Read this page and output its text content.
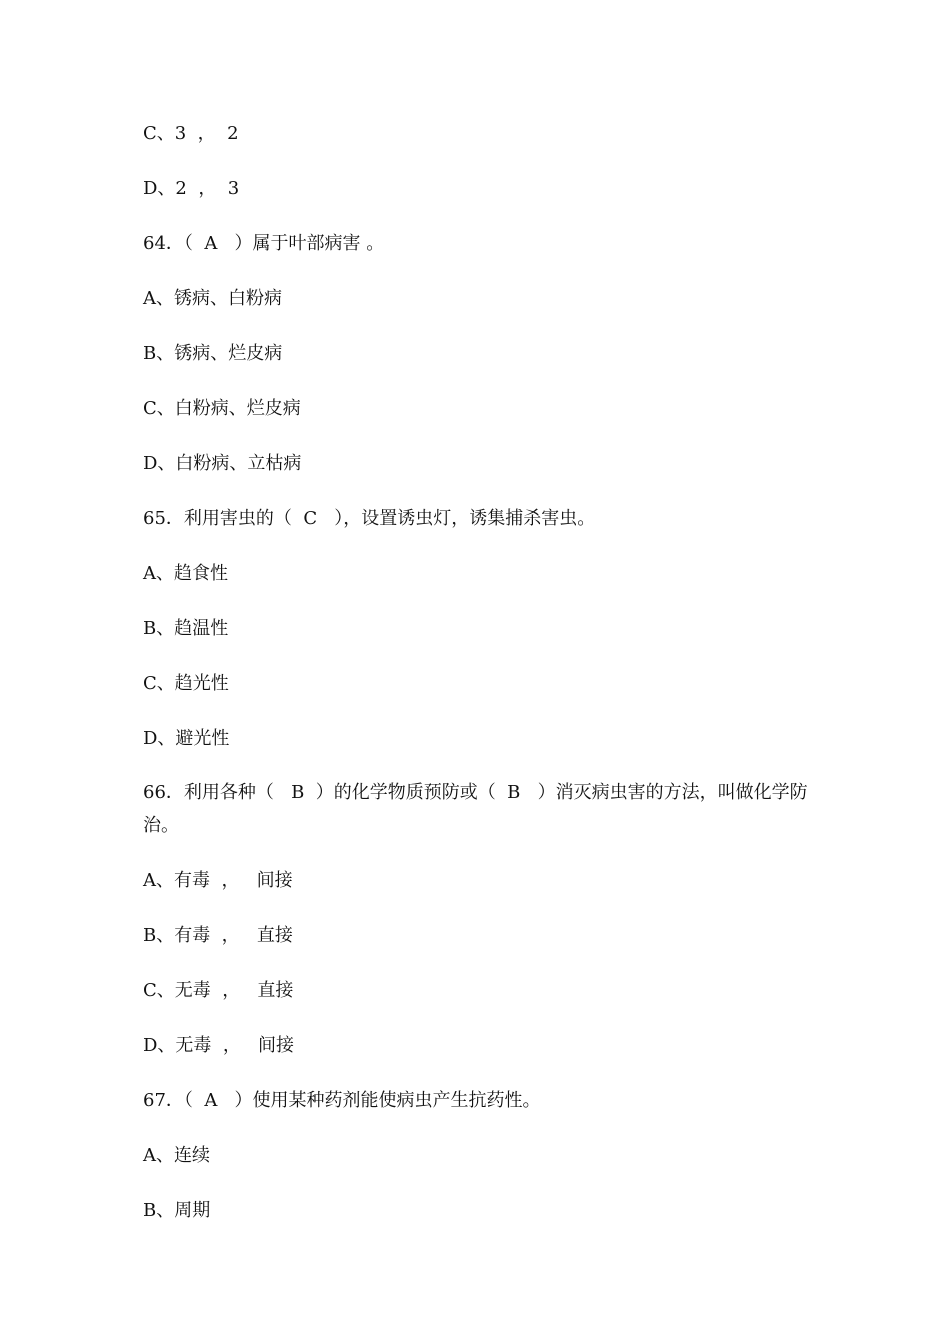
C、3  ，  2
D、2  ，  3
64．（  A   ）属于叶部病害 。
A、锈病、白粉病
B、锈病、烂皮病
C、白粉病、烂皮病
D、白粉病、立枯病
65．利用害虫的（  C   ），设置诱虫灯，诱集捕杀害虫。
A、趋食性
B、趋温性
C、趋光性
D、避光性
66．利用各种（   B  ）的化学物质预防或（  B   ）消灭病虫害的方法，叫做化学防治。
A、有毒  ，   间接
B、有毒  ，   直接
C、无毒  ，   直接
D、无毒  ，   间接
67．（  A   ）使用某种药剂能使病虫产生抗药性。
A、连续
B、周期
